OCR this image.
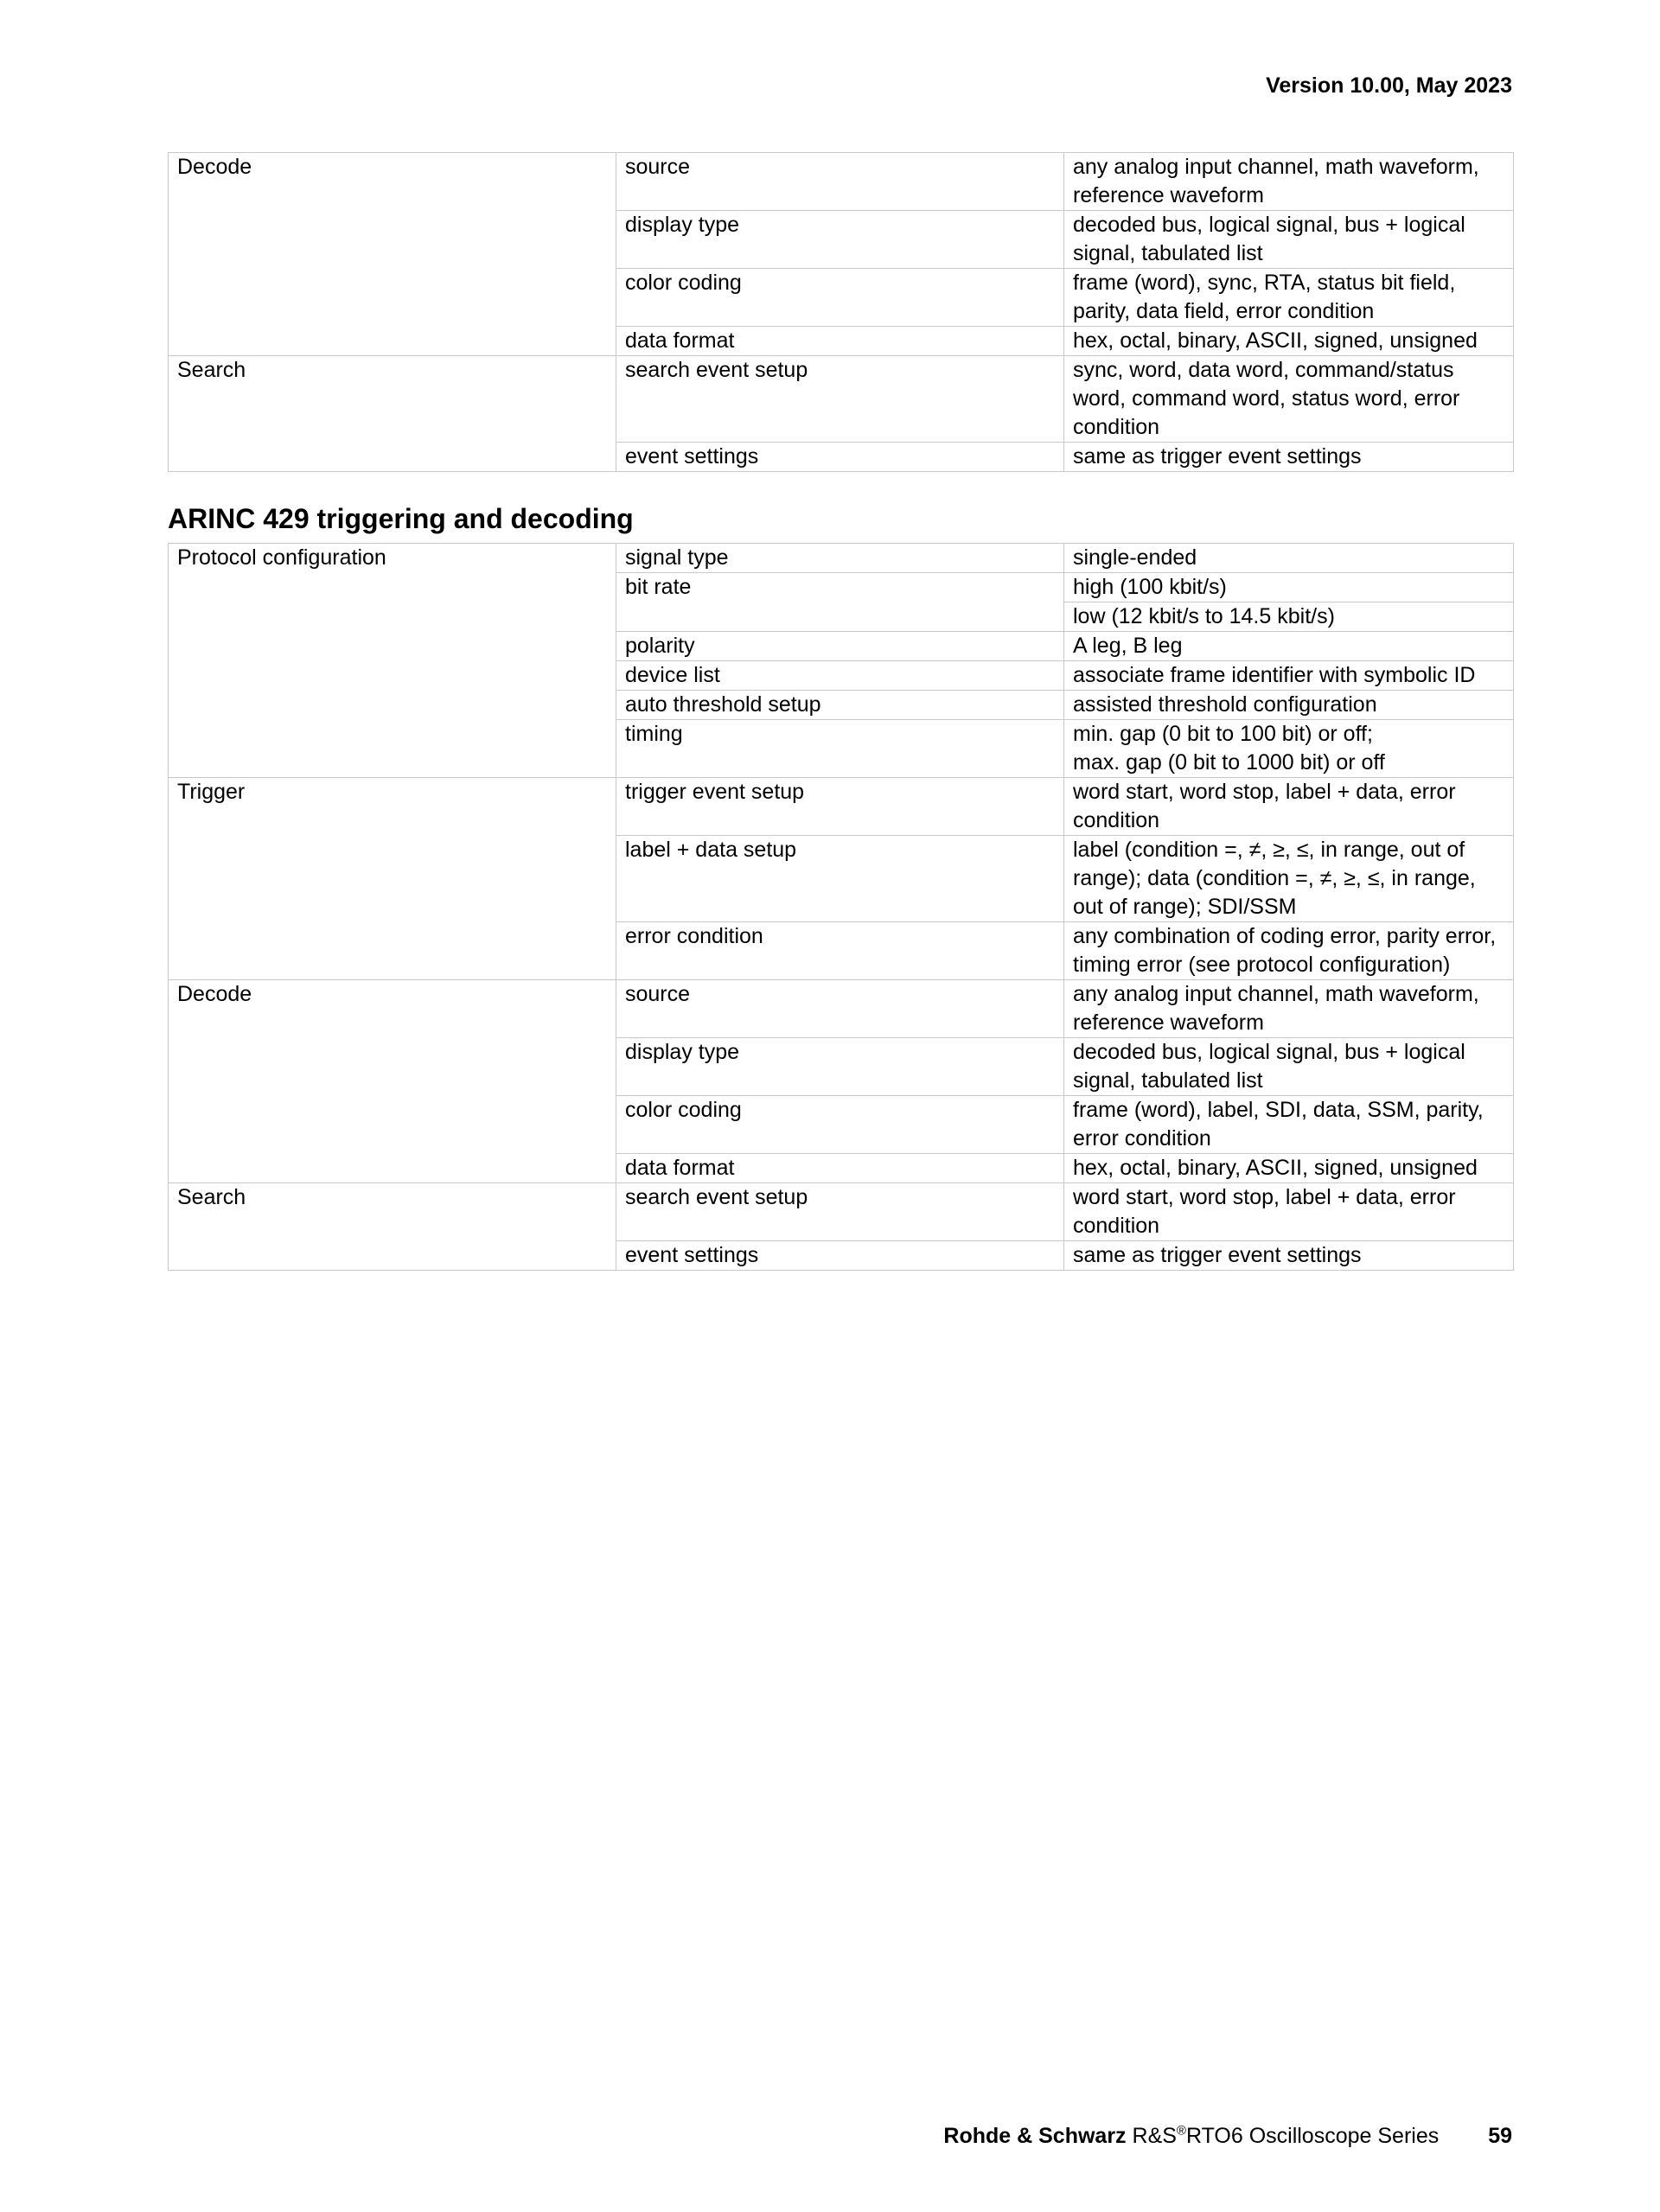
Version 10.00, May 2023
Decode	source	any analog input channel, math waveform, reference waveform
	display type	decoded bus, logical signal, bus + logical signal, tabulated list
	color coding	frame (word), sync, RTA, status bit field, parity, data field, error condition
	data format	hex, octal, binary, ASCII, signed, unsigned
Search	search event setup	sync, word, data word, command/status word, command word, status word, error condition
	event settings	same as trigger event settings
ARINC 429 triggering and decoding
Protocol configuration	signal type	single-ended
	bit rate	high (100 kbit/s)
		low (12 kbit/s to 14.5 kbit/s)
	polarity	A leg, B leg
	device list	associate frame identifier with symbolic ID
	auto threshold setup	assisted threshold configuration
	timing	min. gap (0 bit to 100 bit) or off;
max. gap (0 bit to 1000 bit) or off

Trigger	trigger event setup	word start, word stop, label + data, error condition
	label + data setup	label (condition =, ≠, ≥, ≤, in range, out of range); data (condition =, ≠, ≥, ≤, in range, out of range); SDI/SSM
	error condition	any combination of coding error, parity error, timing error (see protocol configuration)
Decode	source	any analog input channel, math waveform, reference waveform
	display type	decoded bus, logical signal, bus + logical signal, tabulated list
	color coding	frame (word), label, SDI, data, SSM, parity, error condition
	data format	hex, octal, binary, ASCII, signed, unsigned
Search	search event setup	word start, word stop, label + data, error condition
	event settings	same as trigger event settings
Rohde & Schwarz R&S®RTO6 Oscilloscope Series 59
